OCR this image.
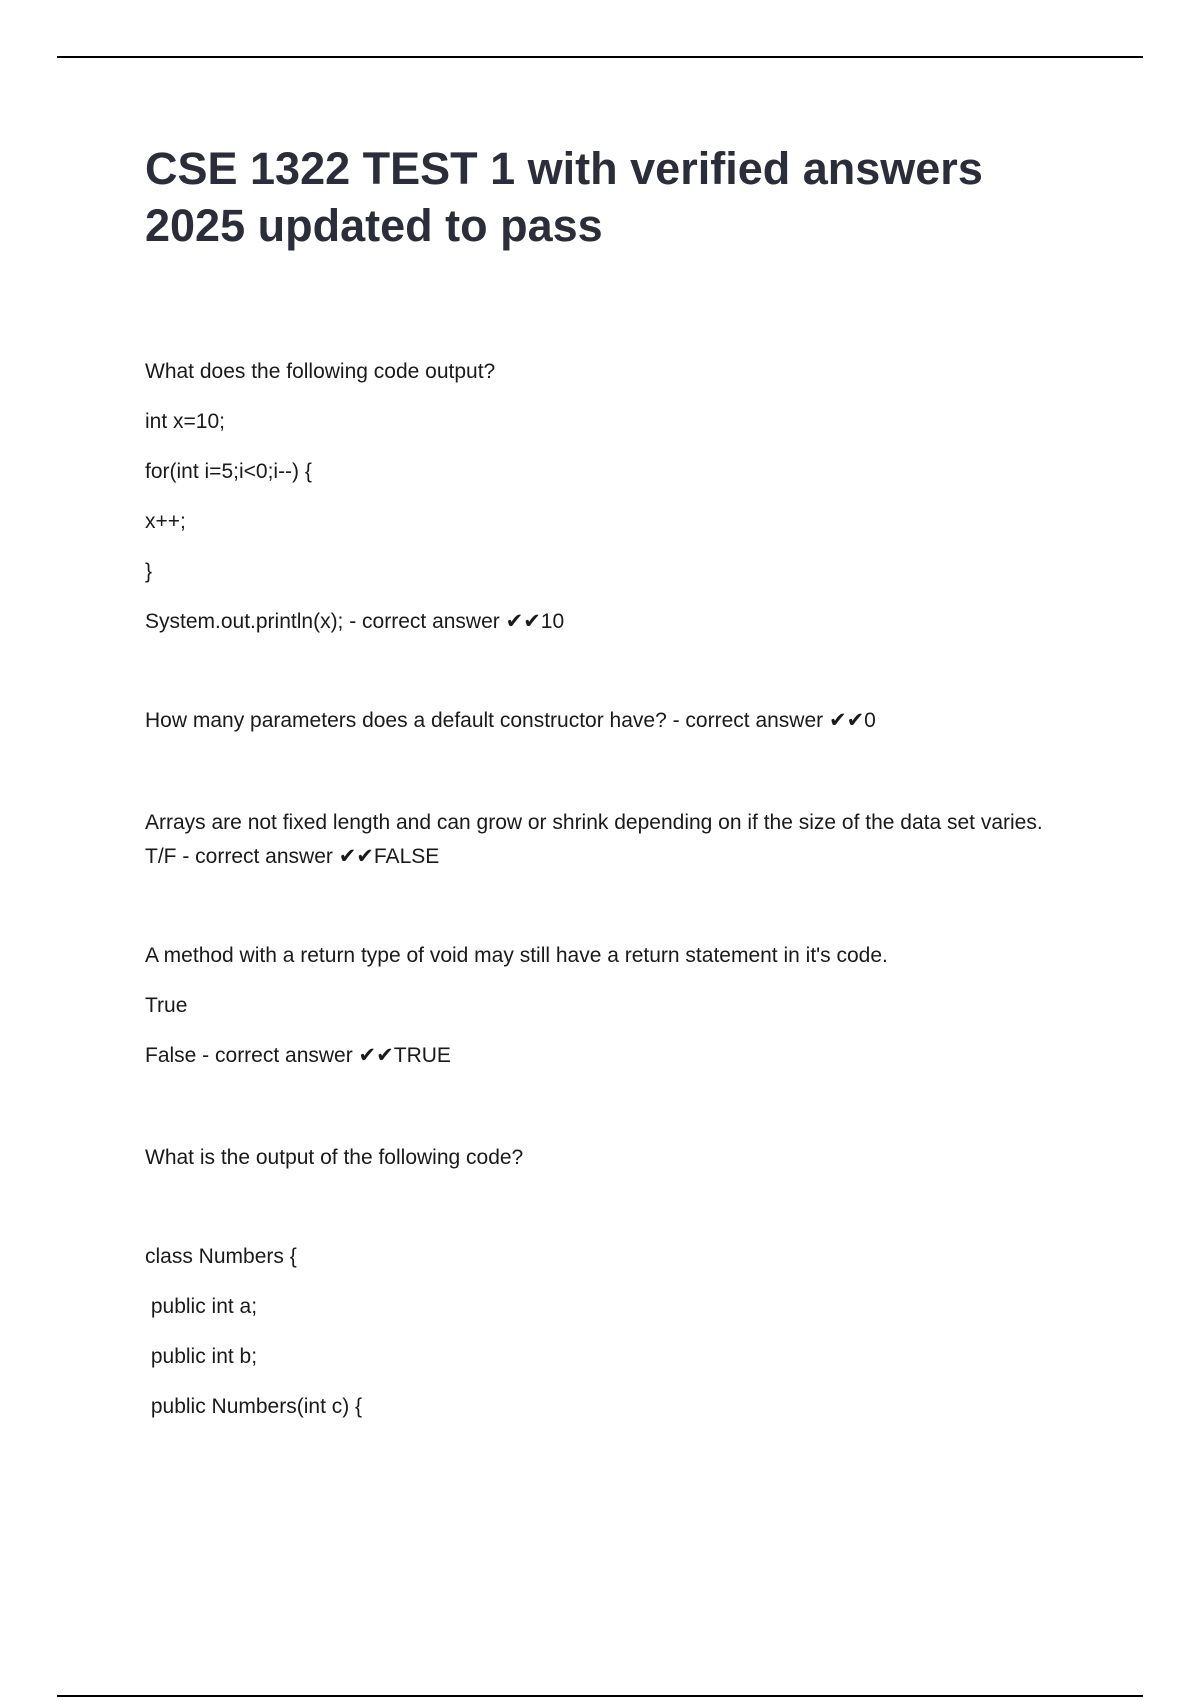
CSE 1322 TEST 1 with verified answers 2025 updated to pass

What does the following code output?

int x=10;

for(int i=5;i<0;i--) {

x++;

}

System.out.println(x); - correct answer ✔✔10

How many parameters does a default constructor have? - correct answer ✔✔0

Arrays are not fixed length and can grow or shrink depending on if the size of the data set varies. T/F - correct answer ✔✔FALSE

A method with a return type of void may still have a return statement in it's code.

True

False - correct answer ✔✔TRUE

What is the output of the following code?

class Numbers {

public int a;

public int b;

public Numbers(int c) {
